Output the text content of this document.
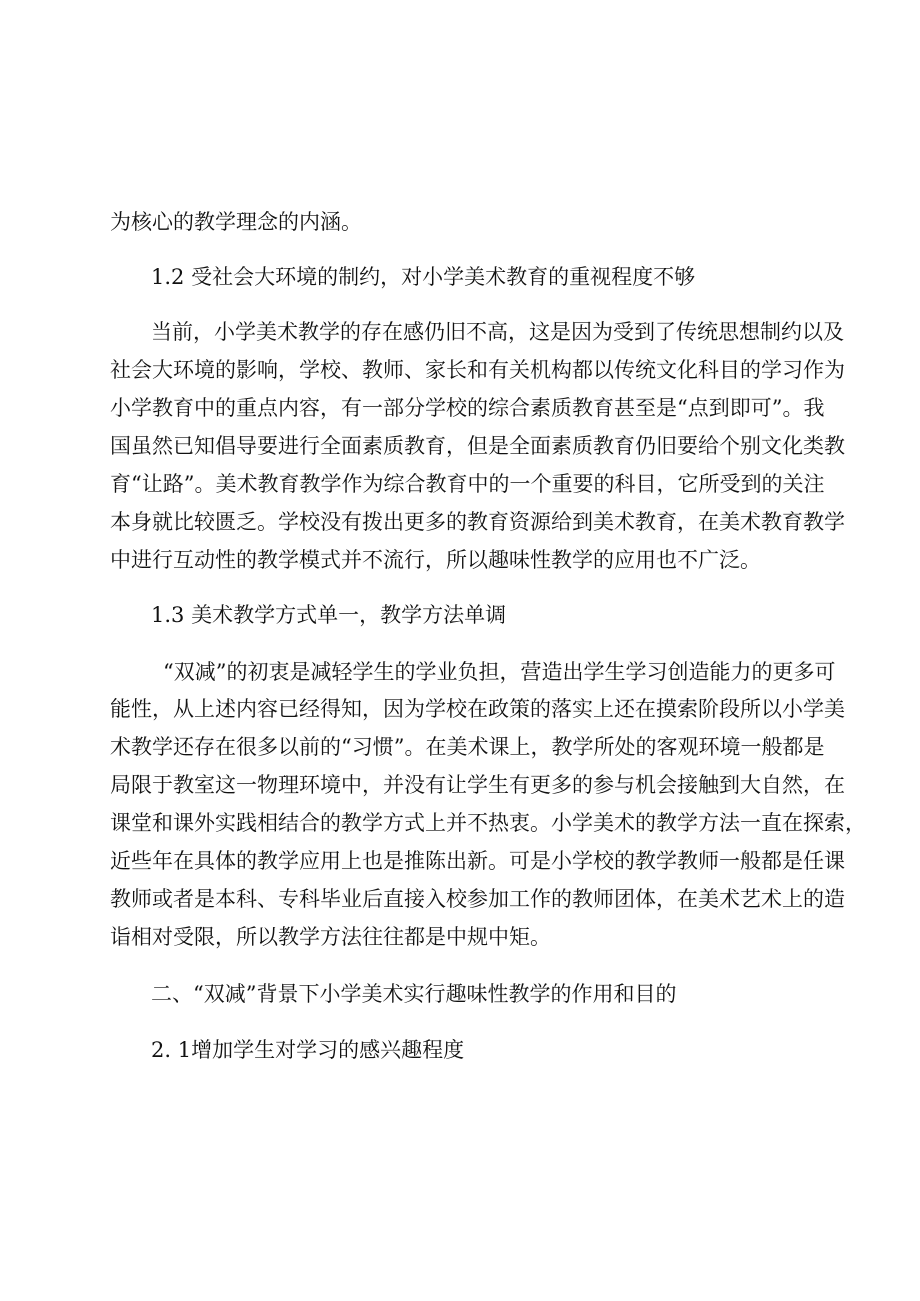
为核心的教学理念的内涵。
1.2 受社会大环境的制约，对小学美术教育的重视程度不够
当前，小学美术教学的存在感仍旧不高，这是因为受到了传统思想制约以及
社会大环境的影响，学校、教师、家长和有关机构都以传统文化科目的学习作为
小学教育中的重点内容，有一部分学校的综合素质教育甚至是“点到即可”。我
国虽然已知倡导要进行全面素质教育，但是全面素质教育仍旧要给个别文化类教
育“让路”。美术教育教学作为综合教育中的一个重要的科目，它所受到的关注
本身就比较匮乏。学校没有拨出更多的教育资源给到美术教育，在美术教育教学
中进行互动性的教学模式并不流行，所以趣味性教学的应用也不广泛。
1.3 美术教学方式单一，教学方法单调
“双减”的初衷是减轻学生的学业负担，营造出学生学习创造能力的更多可
能性，从上述内容已经得知，因为学校在政策的落实上还在摸索阶段所以小学美
术教学还存在很多以前的“习惯”。在美术课上，教学所处的客观环境一般都是
局限于教室这一物理环境中，并没有让学生有更多的参与机会接触到大自然，在
课堂和课外实践相结合的教学方式上并不热衷。小学美术的教学方法一直在探索，
近些年在具体的教学应用上也是推陈出新。可是小学校的教学教师一般都是任课
教师或者是本科、专科毕业后直接入校参加工作的教师团体，在美术艺术上的造
诣相对受限，所以教学方法往往都是中规中矩。
二、“双减”背景下小学美术实行趣味性教学的作用和目的
2. 1增加学生对学习的感兴趣程度
